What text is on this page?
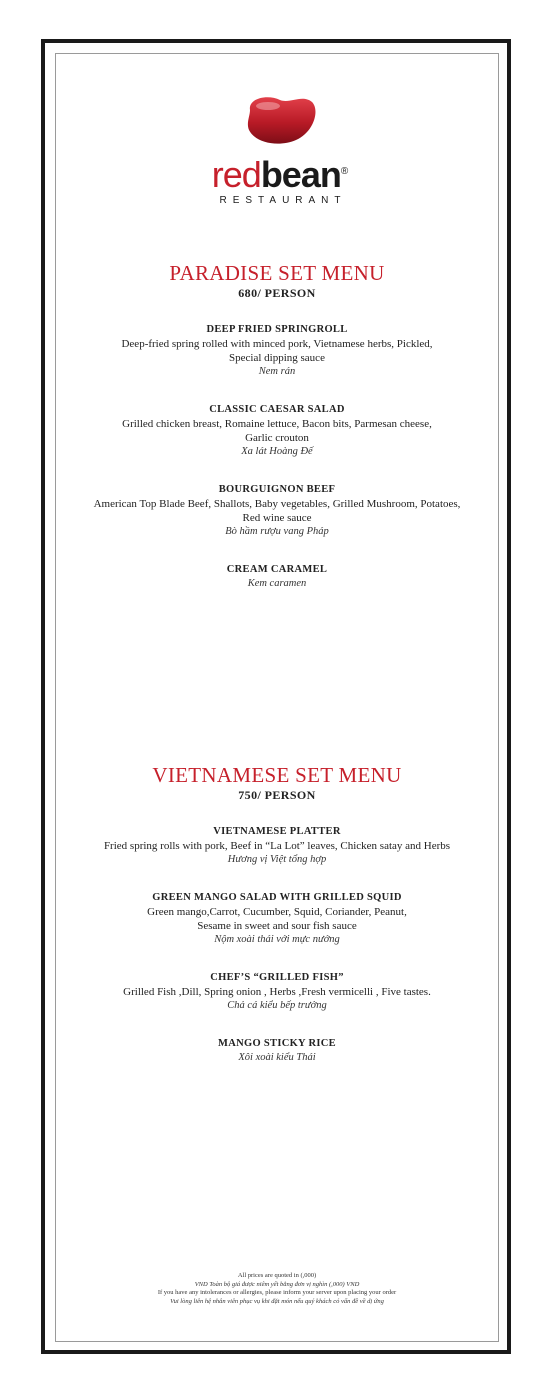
redbean®
RESTAURANT
PARADISE SET MENU
680/ PERSON
DEEP FRIED SPRINGROLL
Deep-fried spring rolled with minced pork, Vietnamese herbs, Pickled,
Special dipping sauce
Nem rán
CLASSIC CAESAR SALAD
Grilled chicken breast, Romaine lettuce, Bacon bits, Parmesan cheese,
Garlic crouton
Xa lát Hoàng Đế
BOURGUIGNON BEEF
American Top Blade Beef, Shallots, Baby vegetables, Grilled Mushroom, Potatoes,
Red wine sauce
Bò hầm rượu vang Pháp
CREAM CARAMEL
Kem caramen
VIETNAMESE SET MENU
750/ PERSON
VIETNAMESE PLATTER
Fried spring rolls with pork, Beef in “La Lot” leaves, Chicken satay and Herbs
Hương vị Việt tổng hợp
GREEN MANGO SALAD WITH GRILLED SQUID
Green mango,Carrot, Cucumber, Squid, Coriander, Peanut,
Sesame in sweet and sour fish sauce
Nộm xoài thái với mực nướng
CHEF’S “GRILLED FISH”
Grilled Fish ,Dill, Spring onion , Herbs ,Fresh vermicelli , Five tastes.
Chả cá kiểu bếp trưởng
MANGO STICKY RICE
Xôi xoài kiểu Thái
All prices are quoted in (,000)
VND Toàn bộ giá được niêm yết bằng đơn vị nghìn (,000) VND
If you have any intolerances or allergies, please inform your server upon placing your order
Vui lòng liên hệ nhân viên phục vụ khi đặt món nếu quý khách có vấn đề về dị ứng
